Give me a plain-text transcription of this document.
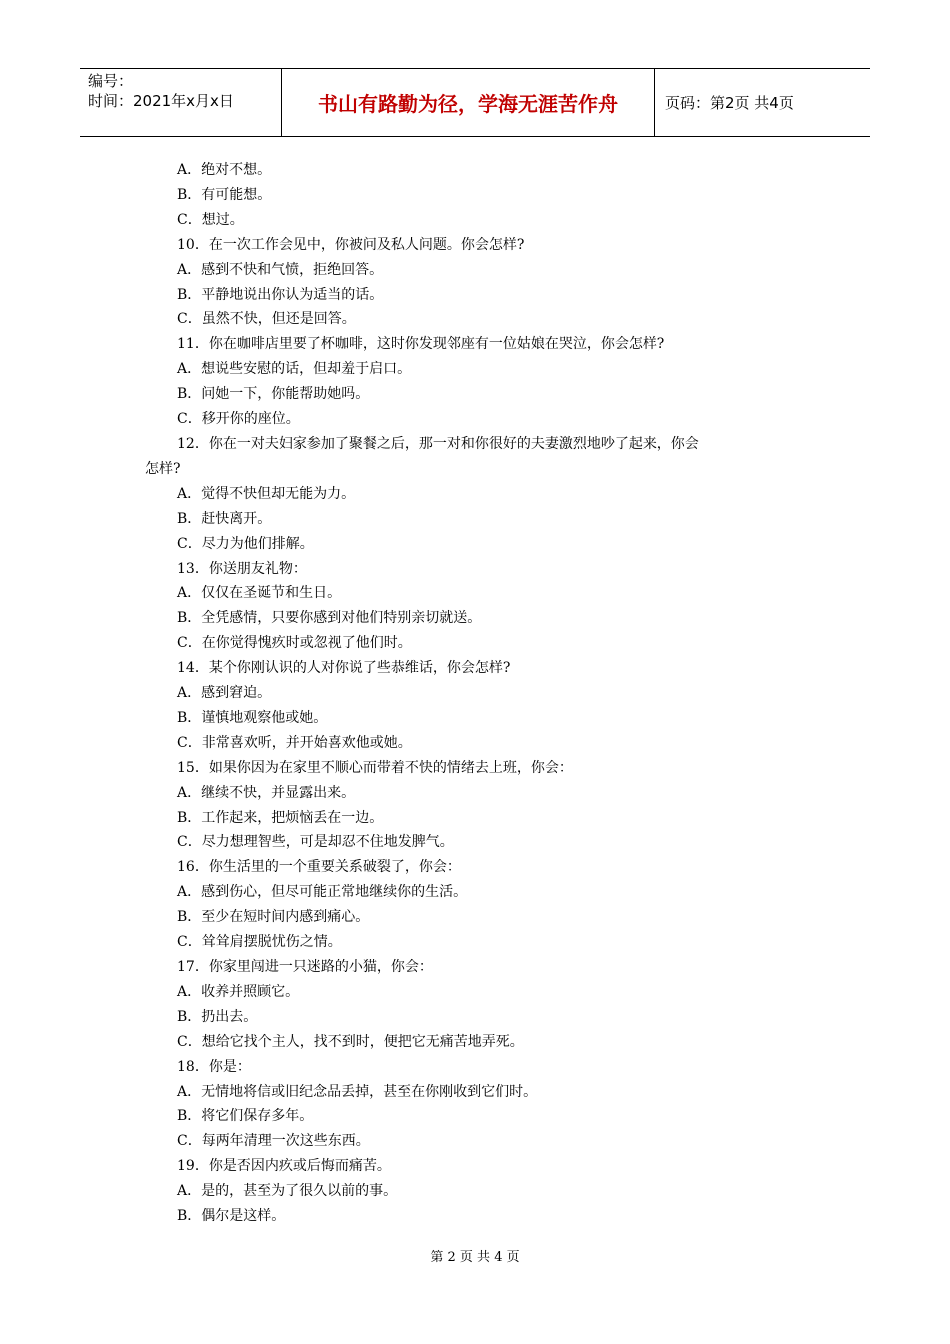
编号：
时间：2021年x月x日	书山有路勤为径，学海无涯苦作舟	页码：第2页 共4页
A．绝对不想。
B．有可能想。
C．想过。
10．在一次工作会见中，你被问及私人问题。你会怎样?
A．感到不快和气愤，拒绝回答。
B．平静地说出你认为适当的话。
C．虽然不快，但还是回答。
11．你在咖啡店里要了杯咖啡，这时你发现邻座有一位姑娘在哭泣，你会怎样?
A．想说些安慰的话，但却羞于启口。
B．问她一下，你能帮助她吗。
C．移开你的座位。
12．你在一对夫妇家参加了聚餐之后，那一对和你很好的夫妻激烈地吵了起来，你会
怎样?
A．觉得不快但却无能为力。
B．赶快离开。
C．尽力为他们排解。
13．你送朋友礼物：
A．仅仅在圣诞节和生日。
B．全凭感情，只要你感到对他们特别亲切就送。
C．在你觉得愧疚时或忽视了他们时。
14．某个你刚认识的人对你说了些恭维话，你会怎样?
A．感到窘迫。
B．谨慎地观察他或她。
C．非常喜欢听，并开始喜欢他或她。
15．如果你因为在家里不顺心而带着不快的情绪去上班，你会：
A．继续不快，并显露出来。
B．工作起来，把烦恼丢在一边。
C．尽力想理智些，可是却忍不住地发脾气。
16．你生活里的一个重要关系破裂了，你会：
A．感到伤心，但尽可能正常地继续你的生活。
B．至少在短时间内感到痛心。
C．耸耸肩摆脱忧伤之情。
17．你家里闯进一只迷路的小猫，你会：
A．收养并照顾它。
B．扔出去。
C．想给它找个主人，找不到时，便把它无痛苦地弄死。
18．你是：
A．无情地将信或旧纪念品丢掉，甚至在你刚收到它们时。
B．将它们保存多年。
C．每两年清理一次这些东西。
19．你是否因内疚或后悔而痛苦。
A．是的，甚至为了很久以前的事。
B．偶尔是这样。
第 2 页 共 4 页
